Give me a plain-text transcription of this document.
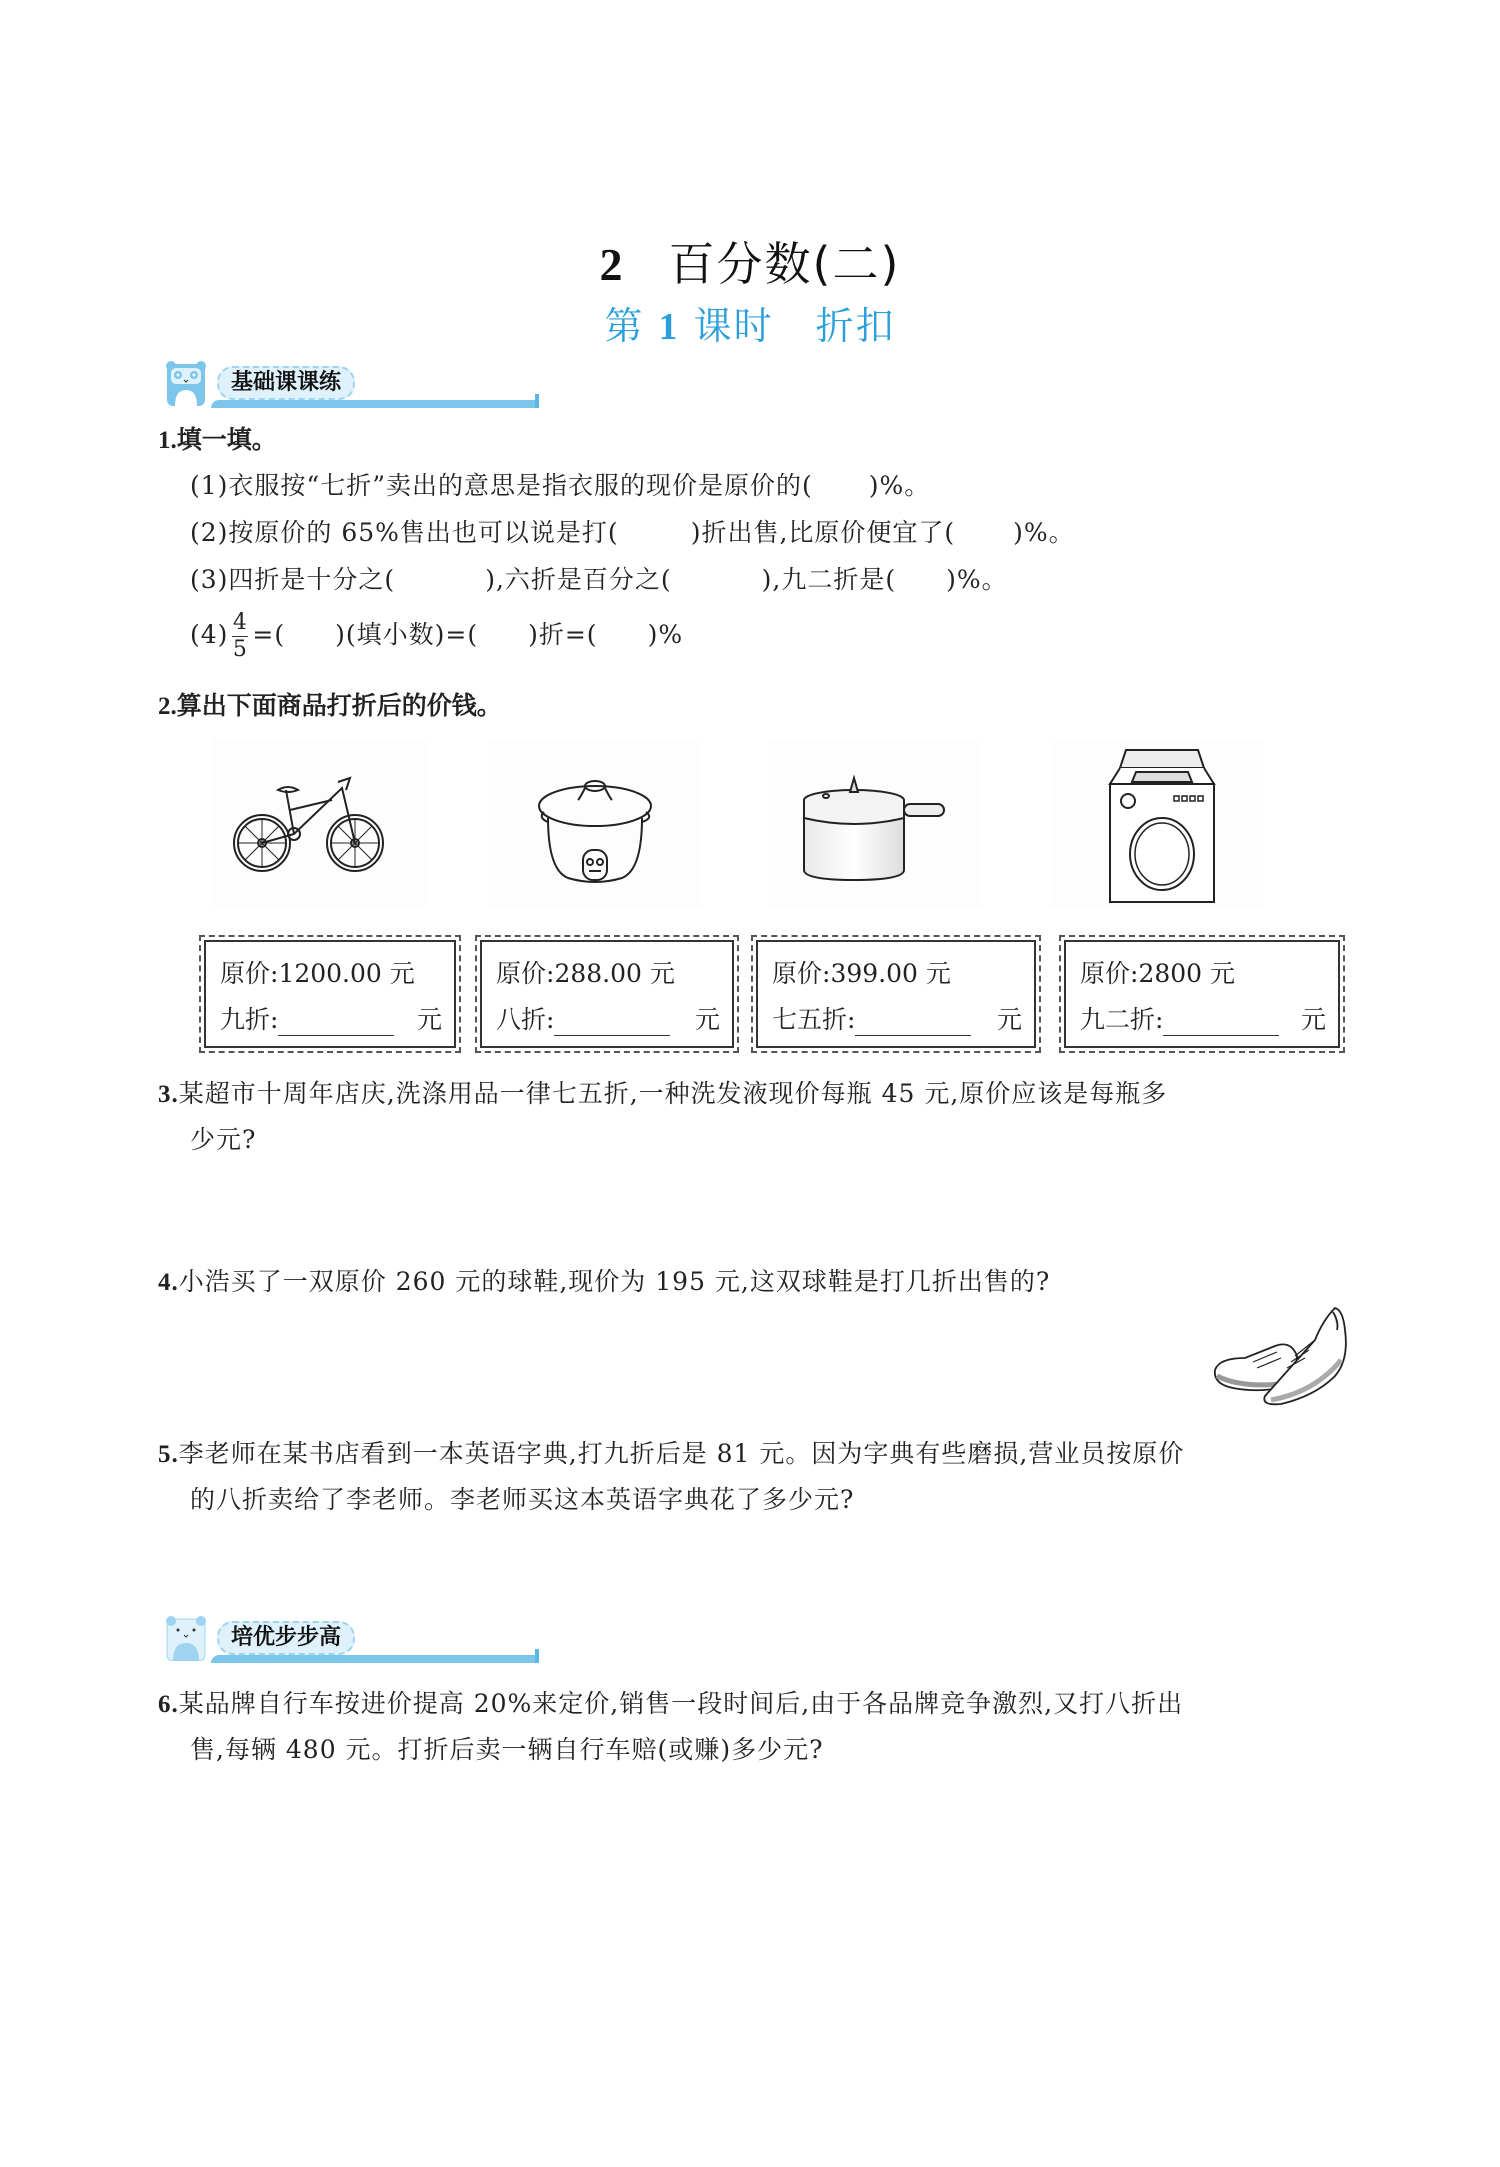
2 百分数(二)
第 1 课时 折扣
基础课课练
1.填一填。
(1)衣服按“七折”卖出的意思是指衣服的现价是原价的( )%。
(2)按原价的 65%售出也可以说是打(	)折出售,比原价便宜了( )%。
(3)四折是十分之(	),六折是百分之(	),九二折是( )%。
$(4) \frac{4}{5}$ =( )(填小数)=( )折=( )%
2.算出下面商品打折后的价钱。
原价:1200.00 元
九折:	元
原价:288.00 元
八折:	元
原价:399.00 元
七五折:	元
原价:2800 元
九二折:	元
3.某超市十周年店庆,洗涤用品一律七五折,一种洗发液现价每瓶 45 元,原价应该是每瓶多
少元?
4.小浩买了一双原价 260 元的球鞋,现价为 195 元,这双球鞋是打几折出售的?
5.李老师在某书店看到一本英语字典,打九折后是 81 元。因为字典有些磨损,营业员按原价
的八折卖给了李老师。李老师买这本英语字典花了多少元?
培优步步高
6.某品牌自行车按进价提高 20%来定价,销售一段时间后,由于各品牌竞争激烈,又打八折出
售,每辆 480 元。打折后卖一辆自行车赔(或赚)多少元?
